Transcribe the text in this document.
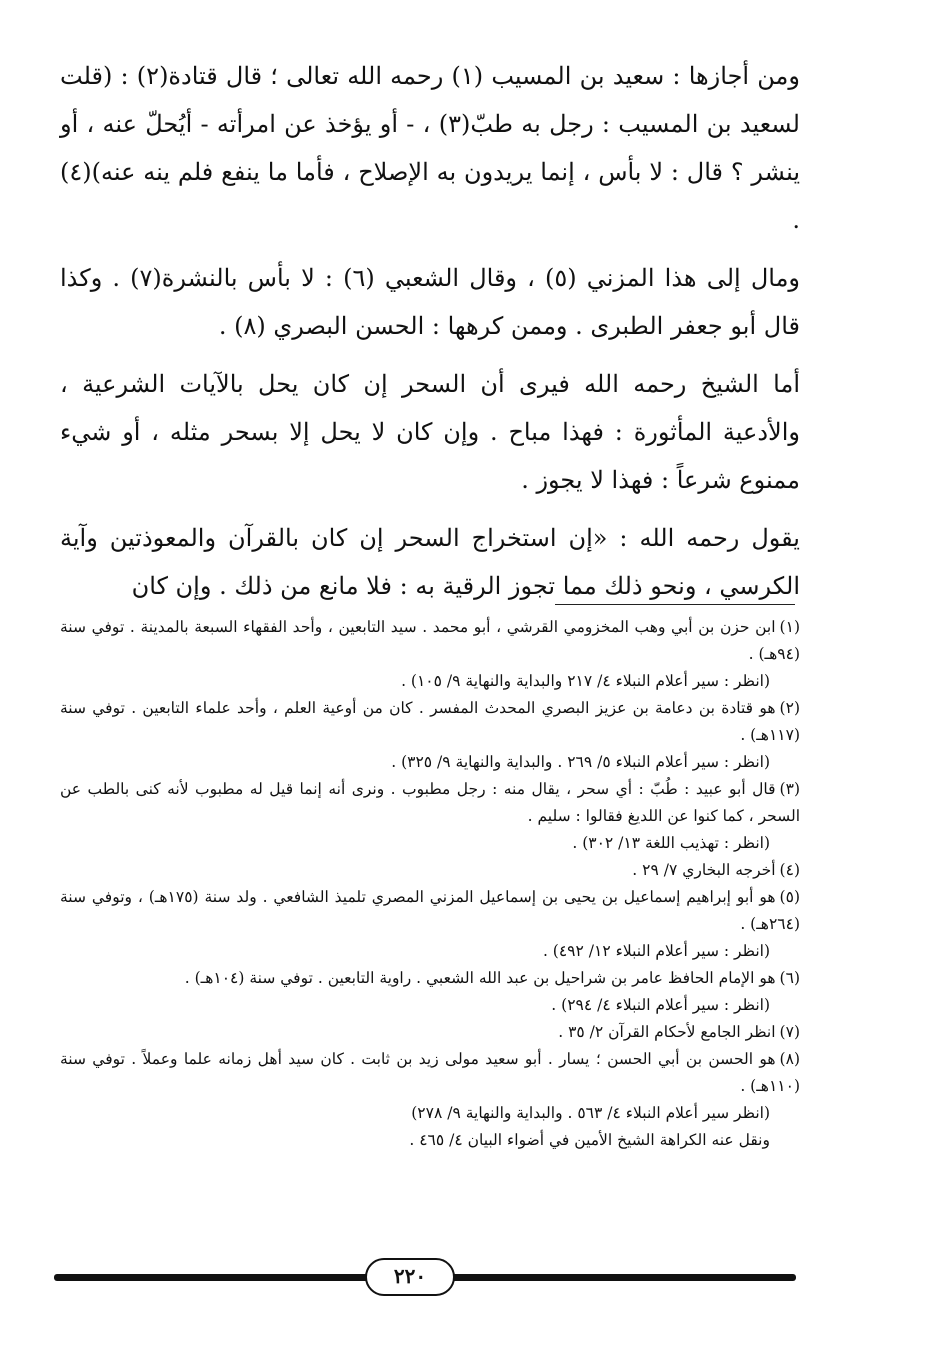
ومن أجازها : سعيد بن المسيب (١) رحمه الله تعالى ؛ قال قتادة(٢) : (قلت لسعيد بن المسيب : رجل به طبّ(٣) ، - أو يؤخذ عن امرأته - أيُحلّ عنه ، أو ينشر ؟ قال : لا بأس ، إنما يريدون به الإصلاح ، فأما ما ينفع فلم ينه عنه)(٤) .

ومال إلى هذا المزني (٥) ، وقال الشعبي (٦) : لا بأس بالنشرة(٧) . وكذا قال أبو جعفر الطبرى . وممن كرهها : الحسن البصري (٨) .

أما الشيخ رحمه الله فيرى أن السحر إن كان يحل بالآيات الشرعية ، والأدعية المأثورة : فهذا مباح . وإن كان لا يحل إلا بسحر مثله ، أو شيء ممنوع شرعاً : فهذا لا يجوز .

يقول رحمه الله : «إن استخراج السحر إن كان بالقرآن والمعوذتين وآية الكرسي ، ونحو ذلك مما تجوز الرقية به : فلا مانع من ذلك . وإن كان

(١)ابن حزن بن أبي وهب المخزومي القرشي ، أبو محمد . سيد التابعين ، وأحد الفقهاء السبعة بالمدينة . توفي سنة (٩٤هـ) .

(انظر : سير أعلام النبلاء ٤/ ٢١٧ والبداية والنهاية ٩/ ١٠٥) .

(٢)هو قتادة بن دعامة بن عزيز البصري المحدث المفسر . كان من أوعية العلم ، وأحد علماء التابعين . توفي سنة (١١٧هـ) .

(انظر : سير أعلام النبلاء ٥/ ٢٦٩ . والبداية والنهاية ٩/ ٣٢٥) .

(٣)قال أبو عبيد : طُبّ : أي سحر ، يقال منه : رجل مطبوب . ونرى أنه إنما قيل له مطبوب لأنه كنى بالطب عن السحر ، كما كنوا عن اللديغ فقالوا : سليم .

(انظر : تهذيب اللغة ١٣/ ٣٠٢) .

(٤)أخرجه البخاري ٧/ ٢٩ .

(٥)هو أبو إبراهيم إسماعيل بن يحيى بن إسماعيل المزني المصري تلميذ الشافعي . ولد سنة (١٧٥هـ) ، وتوفي سنة (٢٦٤هـ) .

(انظر : سير أعلام النبلاء ١٢/ ٤٩٢) .

(٦)هو الإمام الحافظ عامر بن شراحيل بن عبد الله الشعبي . راوية التابعين . توفي سنة (١٠٤هـ) .

(انظر : سير أعلام النبلاء ٤/ ٢٩٤) .

(٧)انظر الجامع لأحكام القرآن ٢/ ٣٥ .

(٨)هو الحسن بن أبي الحسن ؛ يسار . أبو سعيد مولى زيد بن ثابت . كان سيد أهل زمانه علما وعملاً . توفي سنة (١١٠هـ) .

(انظر سير أعلام النبلاء ٤/ ٥٦٣ . والبداية والنهاية ٩/ ٢٧٨)

ونقل عنه الكراهة الشيخ الأمين في أضواء البيان ٤/ ٤٦٥ .

٢٢٠
